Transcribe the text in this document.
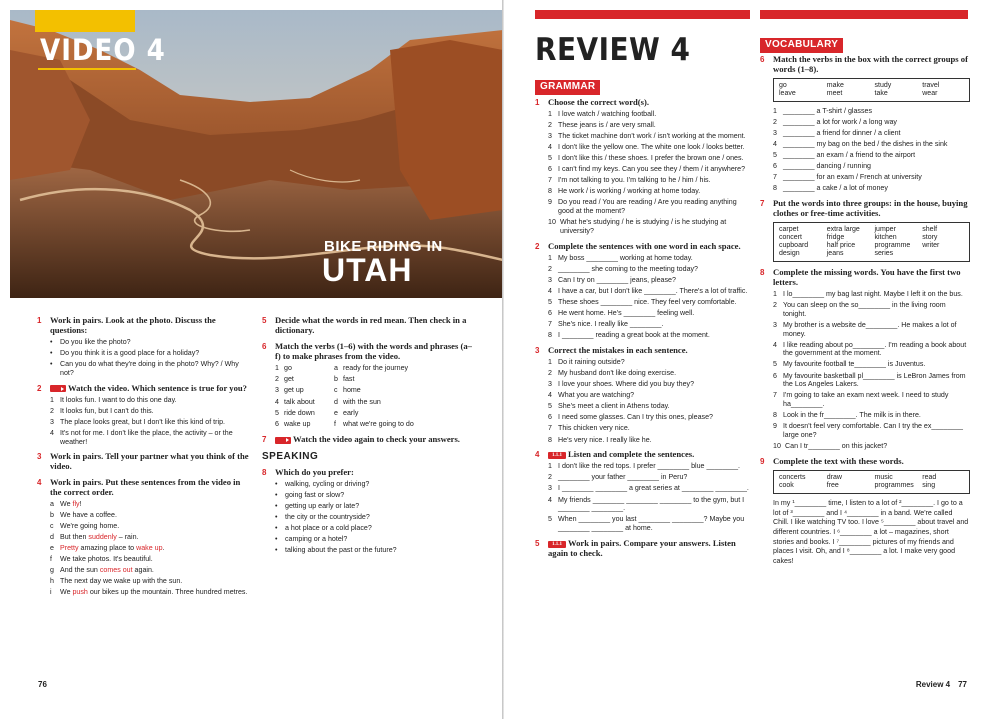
VIDEO 4
BIKE RIDING IN
UTAH
1 Work in pairs. Look at the photo. Discuss the questions:
•
Do you like the photo?
•
Do you think it is a good place for a holiday?
•
Can you do what they're doing in the photo? Why? / Why not?
2	Watch the video. Which sentence is true for you?
1 It looks fun. I want to do this one day.
2 It looks fun, but I can't do this.
3 The place looks great, but I don't like this kind of trip.
4 It's not for me. I don't like the place, the activity – or the weather!
3 Work in pairs. Tell your partner what you think of the video.
4 Work in pairs. Put these sentences from the video in the correct order.
a We fly!
b We have a coffee.
c We're going home.
d But then suddenly – rain.
e Pretty amazing place to wake up.
f	We take photos. It's beautiful.
g And the sun comes out again.
h The next day we wake up with the sun.
i	We push our bikes up the mountain. Three hundred metres.
5 Decide what the words in red mean. Then check in a dictionary.
6 Match the verbs (1–6) with the words and phrases (a–f) to make phrases from the video.
1 go	a ready for the journey
2 get	b fast
3 get up	c home
4 talk about	d with the sun
5 ride down	e early
6 wake up	f what we're going to do
7	Watch the video again to check your answers.
SPEAKING
8 Which do you prefer:
•
walking, cycling or driving?
•
going fast or slow?
•
getting up early or late?
•
the city or the countryside?
•
a hot place or a cold place?
•
camping or a hotel?
•
talking about the past or the future?
76
REVIEW 4
GRAMMAR
VOCABULARY
1 Choose the correct word(s).
1 I love watch / watching football.
2 These jeans is / are very small.
3 The ticket machine don't work / isn't working at the moment.
4 I don't like the yellow one. The white one look / looks better.
5 I don't like this / these shoes. I prefer the brown one / ones.
6 I can't find my keys. Can you see they / them / it anywhere?
7 I'm not talking to you. I'm talking to he / him / his.
8 He work / is working / working at home today.
9 Do you read / You are reading / Are you reading anything good at the moment?
10 What he's studying / he is studying / is he studying at university?
2 Complete the sentences with one word in each space.
1 My boss ________ working at home today.
2 ________ she coming to the meeting today?
3 Can I try on ________ jeans, please?
4 I have a car, but I don't like ________. There's a lot of traffic.
5 These shoes ________ nice. They feel very comfortable.
6 He went home. He's ________ feeling well.
7 She's nice. I really like ________.
8 I ________ reading a great book at the moment.
3 Correct the mistakes in each sentence.
1 Do it raining outside?
2 My husband don't like doing exercise.
3 I love your shoes. Where did you buy they?
4 What you are watching?
5 She's meet a client in Athens today.
6 I need some glasses. Can I try this ones, please?
7 This chicken very nice.
8 He's very nice. I really like he.
4	1.1.1 Listen and complete the sentences.
1 I don't like the red tops. I prefer ________ blue ________.
2 ________ your father ________ in Peru?
3 I ________ ________ a great series at ________ ________.
4 My friends ________ ________ ________ to the gym, but I ________ ________.
5 When ________ you last ________ ________? Maybe you ________ ________ at home.
5	1.1.1 Work in pairs. Compare your answers. Listen again to check.
6 Match the verbs in the box with the correct groups of words (1–8).
go	make	study	travel
leave	meet	take	wear
1 ________ a T-shirt / glasses
2 ________ a lot for work / a long way
3 ________ a friend for dinner / a client
4 ________ my bag on the bed / the dishes in the sink
5 ________ an exam / a friend to the airport
6 ________ dancing / running
7 ________ for an exam / French at university
8 ________ a cake / a lot of money
7 Put the words into three groups: in the house, buying clothes or free-time activities.
carpet	extra large	jumper	shelf
concert	fridge	kitchen	story
cupboard	half price	programme	writer
design	jeans	series
8 Complete the missing words. You have the first two letters.
1 I lo________ my bag last night. Maybe I left it on the bus.
2 You can sleep on the so________ in the living room tonight.
3 My brother is a website de________. He makes a lot of money.
4 I like reading about po________. I'm reading a book about the government at the moment.
5 My favourite football te________ is Juventus.
6 My favourite basketball pl________ is LeBron James from the Los Angeles Lakers.
7 I'm going to take an exam next week. I need to study ha________.
8 Look in the fr________. The milk is in there.
9 It doesn't feel very comfortable. Can I try the ex________ large one?
10 Can I tr________ on this jacket?
9 Complete the text with these words.
concerts	draw	music	read
cook	free	programmes	sing
In my ¹________ time, I listen to a lot of ²________. I go to a lot of ³________ and I ⁴________ in a band. We're called Chill. I like watching TV too. I love ⁵________ about travel and different countries. I ⁶________ a lot – magazines, short stories and books. I ⁷________ pictures of my friends and places I visit. Oh, and I ⁸________ a lot. I make very good cakes!
Review 4 77
